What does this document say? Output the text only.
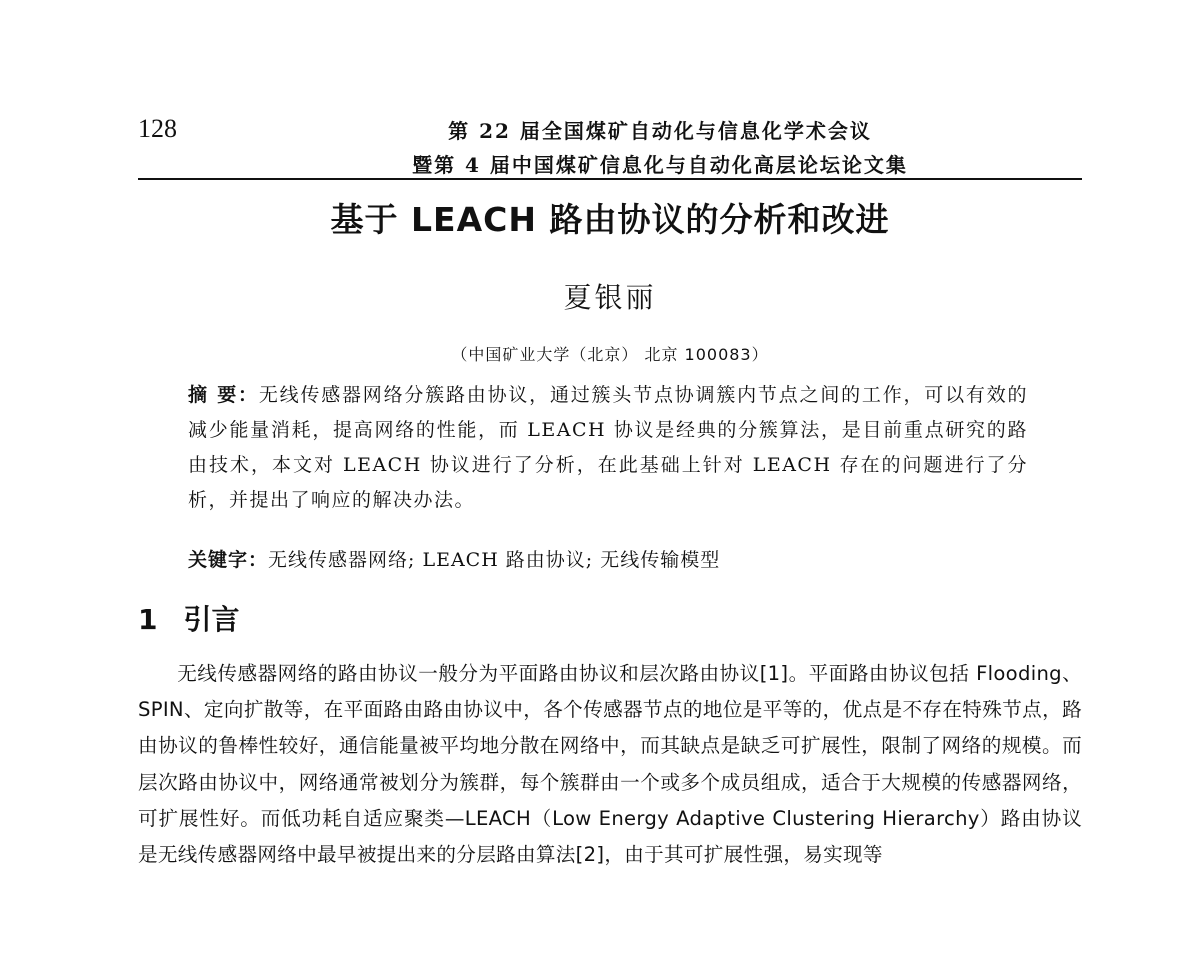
128	第 22 届全国煤矿自动化与信息化学术会议
暨第 4 届中国煤矿信息化与自动化高层论坛论文集
基于 LEACH 路由协议的分析和改进
夏银丽
（中国矿业大学（北京） 北京 100083）
摘 要：无线传感器网络分簇路由协议，通过簇头节点协调簇内节点之间的工作，可以有效的减少能量消耗，提高网络的性能，而 LEACH 协议是经典的分簇算法，是目前重点研究的路由技术，本文对 LEACH 协议进行了分析，在此基础上针对 LEACH 存在的问题进行了分析，并提出了响应的解决办法。
关键字：无线传感器网络; LEACH 路由协议; 无线传输模型
1 引言
无线传感器网络的路由协议一般分为平面路由协议和层次路由协议[1]。平面路由协议包括 Flooding、SPIN、定向扩散等，在平面路由路由协议中，各个传感器节点的地位是平等的，优点是不存在特殊节点，路由协议的鲁棒性较好，通信能量被平均地分散在网络中，而其缺点是缺乏可扩展性，限制了网络的规模。而层次路由协议中，网络通常被划分为簇群，每个簇群由一个或多个成员组成，适合于大规模的传感器网络，可扩展性好。而低功耗自适应聚类—LEACH（Low Energy Adaptive Clustering Hierarchy）路由协议是无线传感器网络中最早被提出来的分层路由算法[2]，由于其可扩展性强，易实现等
